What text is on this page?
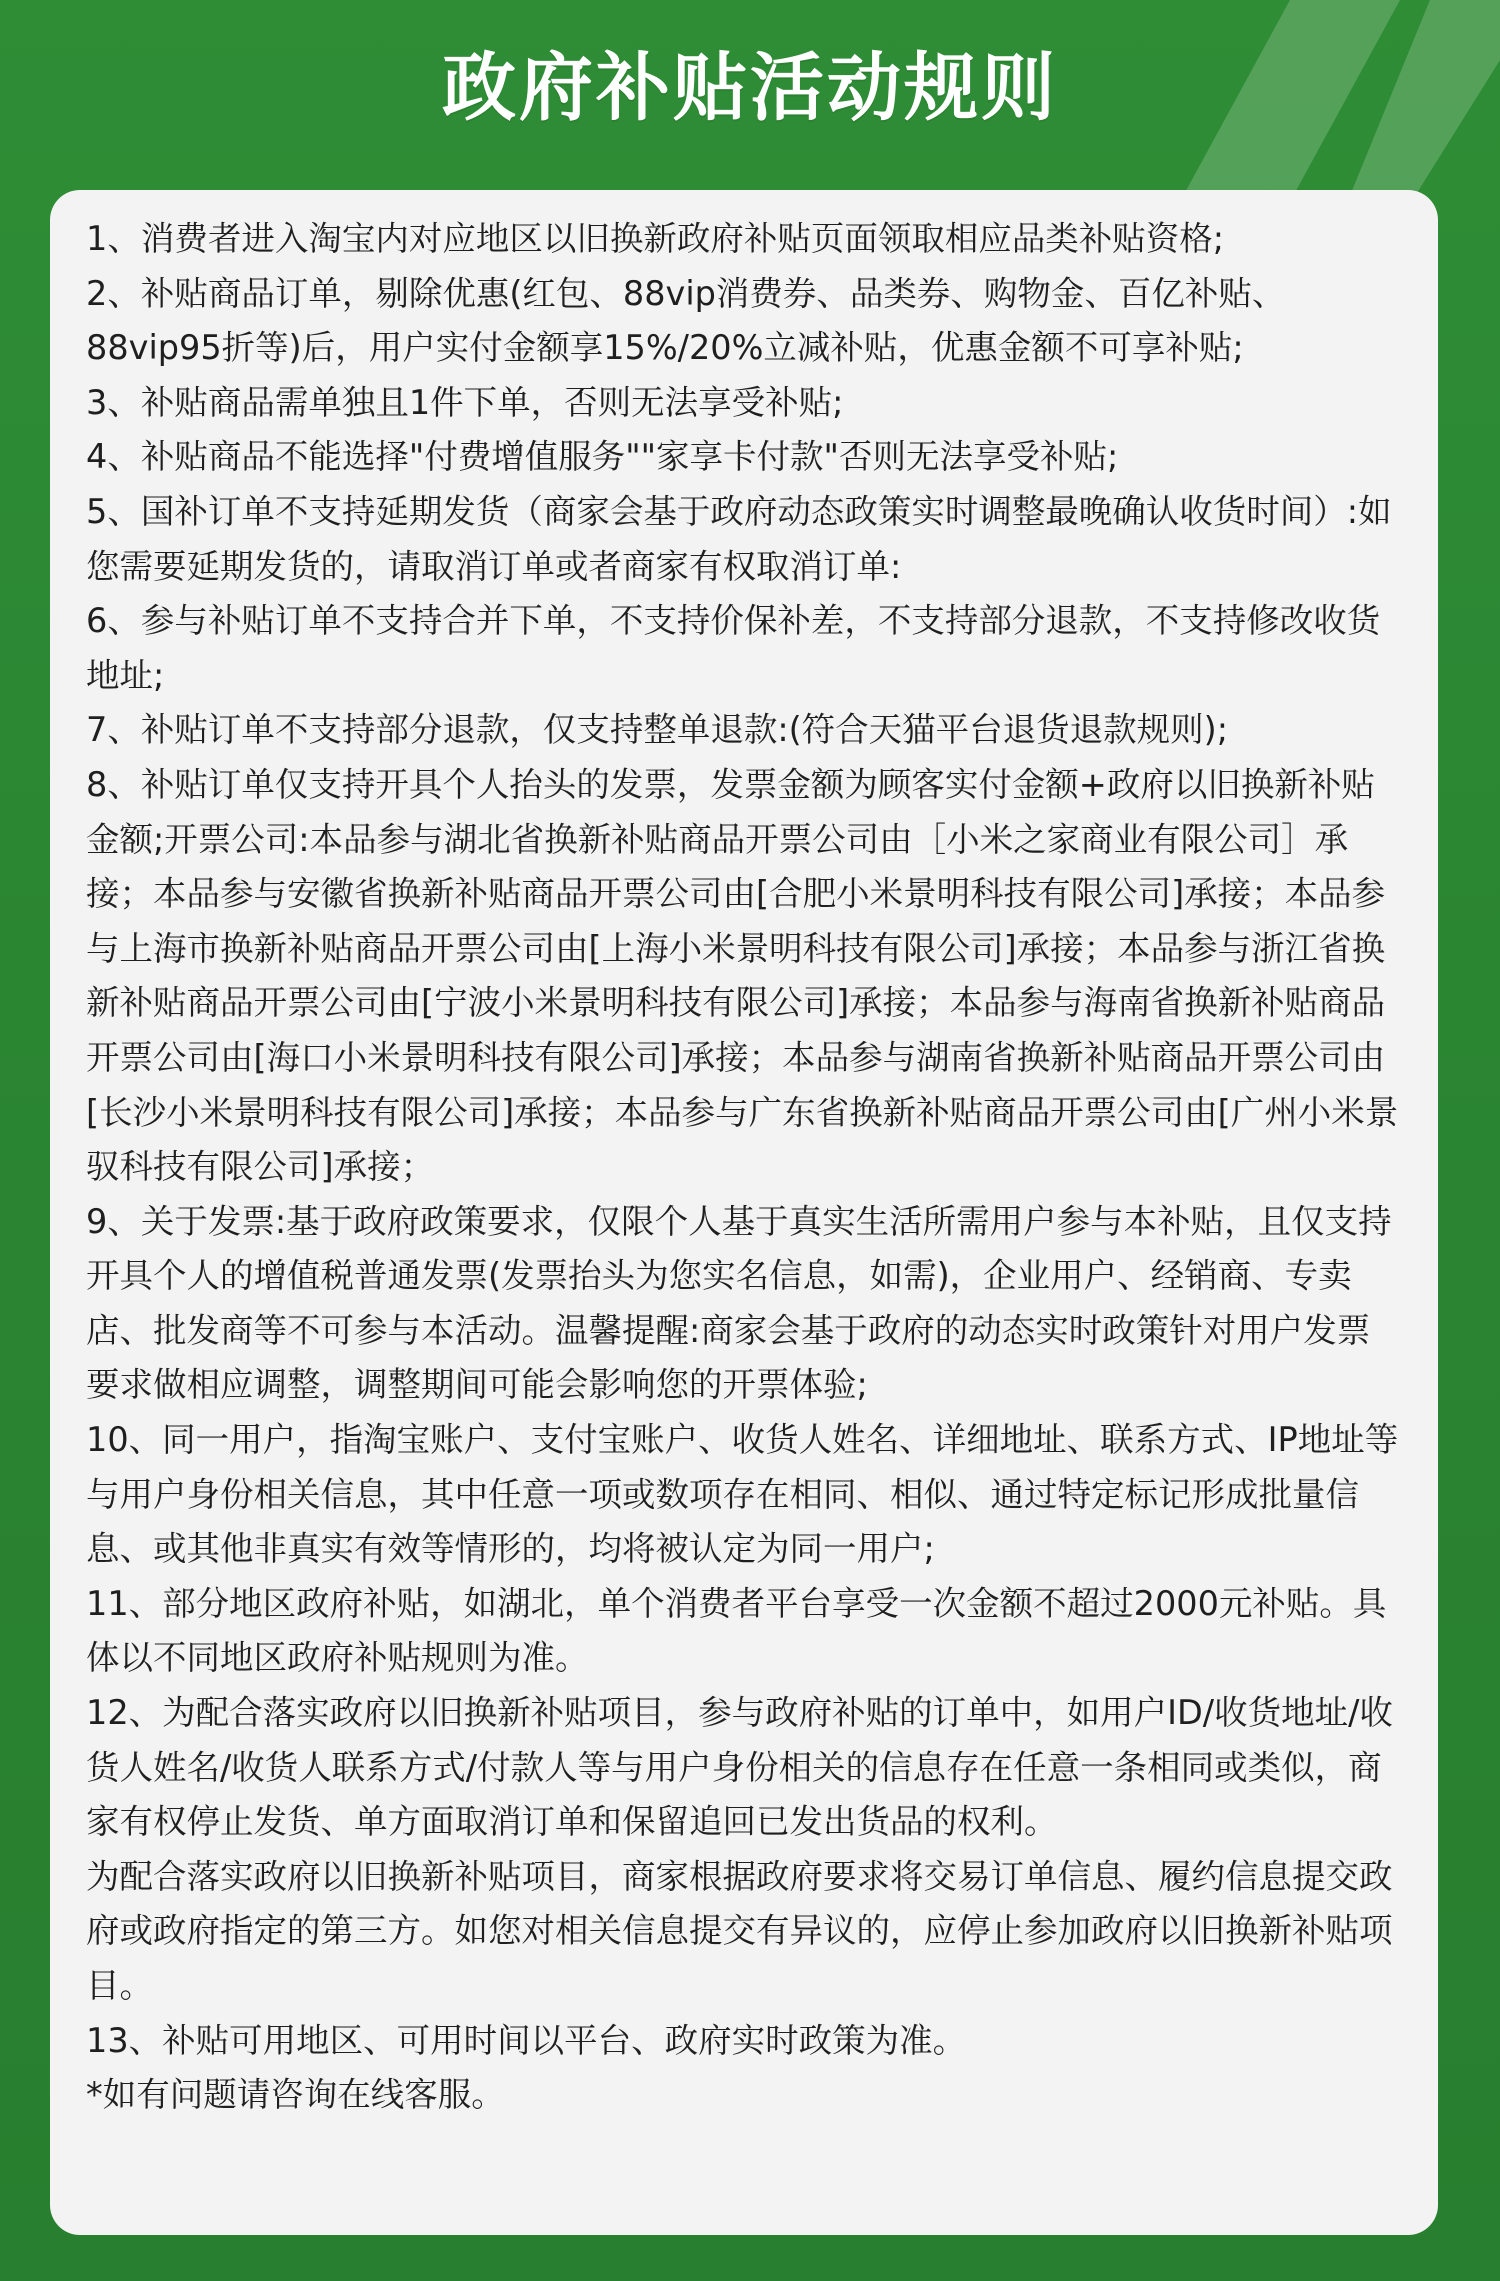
政府补贴活动规则

1、消费者进入淘宝内对应地区以旧换新政府补贴页面领取相应品类补贴资格;

2、补贴商品订单，剔除优惠(红包、88vip消费券、品类券、购物金、百亿补贴、88vip95折等)后，用户实付金额享15%/20%立减补贴，优惠金额不可享补贴;

3、补贴商品需单独且1件下单，否则无法享受补贴;

4、补贴商品不能选择"付费增值服务""家享卡付款"否则无法享受补贴;

5、国补订单不支持延期发货（商家会基于政府动态政策实时调整最晚确认收货时间）:如您需要延期发货的，请取消订单或者商家有权取消订单:

6、参与补贴订单不支持合并下单，不支持价保补差，不支持部分退款，不支持修改收货地址;

7、补贴订单不支持部分退款，仅支持整单退款:(符合天猫平台退货退款规则);

8、补贴订单仅支持开具个人抬头的发票，发票金额为顾客实付金额+政府以旧换新补贴金额;开票公司:本品参与湖北省换新补贴商品开票公司由［小米之家商业有限公司］承接；本品参与安徽省换新补贴商品开票公司由[合肥小米景明科技有限公司]承接；本品参与上海市换新补贴商品开票公司由[上海小米景明科技有限公司]承接；本品参与浙江省换新补贴商品开票公司由[宁波小米景明科技有限公司]承接；本品参与海南省换新补贴商品开票公司由[海口小米景明科技有限公司]承接；本品参与湖南省换新补贴商品开票公司由[长沙小米景明科技有限公司]承接；本品参与广东省换新补贴商品开票公司由[广州小米景驭科技有限公司]承接；

9、关于发票:基于政府政策要求，仅限个人基于真实生活所需用户参与本补贴，且仅支持开具个人的增值税普通发票(发票抬头为您实名信息，如需)，企业用户、经销商、专卖店、批发商等不可参与本活动。温馨提醒:商家会基于政府的动态实时政策针对用户发票要求做相应调整，调整期间可能会影响您的开票体验;

10、同一用户，指淘宝账户、支付宝账户、收货人姓名、详细地址、联系方式、IP地址等与用户身份相关信息，其中任意一项或数项存在相同、相似、通过特定标记形成批量信息、或其他非真实有效等情形的，均将被认定为同一用户;

11、部分地区政府补贴，如湖北，单个消费者平台享受一次金额不超过2000元补贴。具体以不同地区政府补贴规则为准。

12、为配合落实政府以旧换新补贴项目，参与政府补贴的订单中，如用户ID/收货地址/收货人姓名/收货人联系方式/付款人等与用户身份相关的信息存在任意一条相同或类似，商家有权停止发货、单方面取消订单和保留追回已发出货品的权利。

为配合落实政府以旧换新补贴项目，商家根据政府要求将交易订单信息、履约信息提交政府或政府指定的第三方。如您对相关信息提交有异议的，应停止参加政府以旧换新补贴项目。

13、补贴可用地区、可用时间以平台、政府实时政策为准。

*如有问题请咨询在线客服。
